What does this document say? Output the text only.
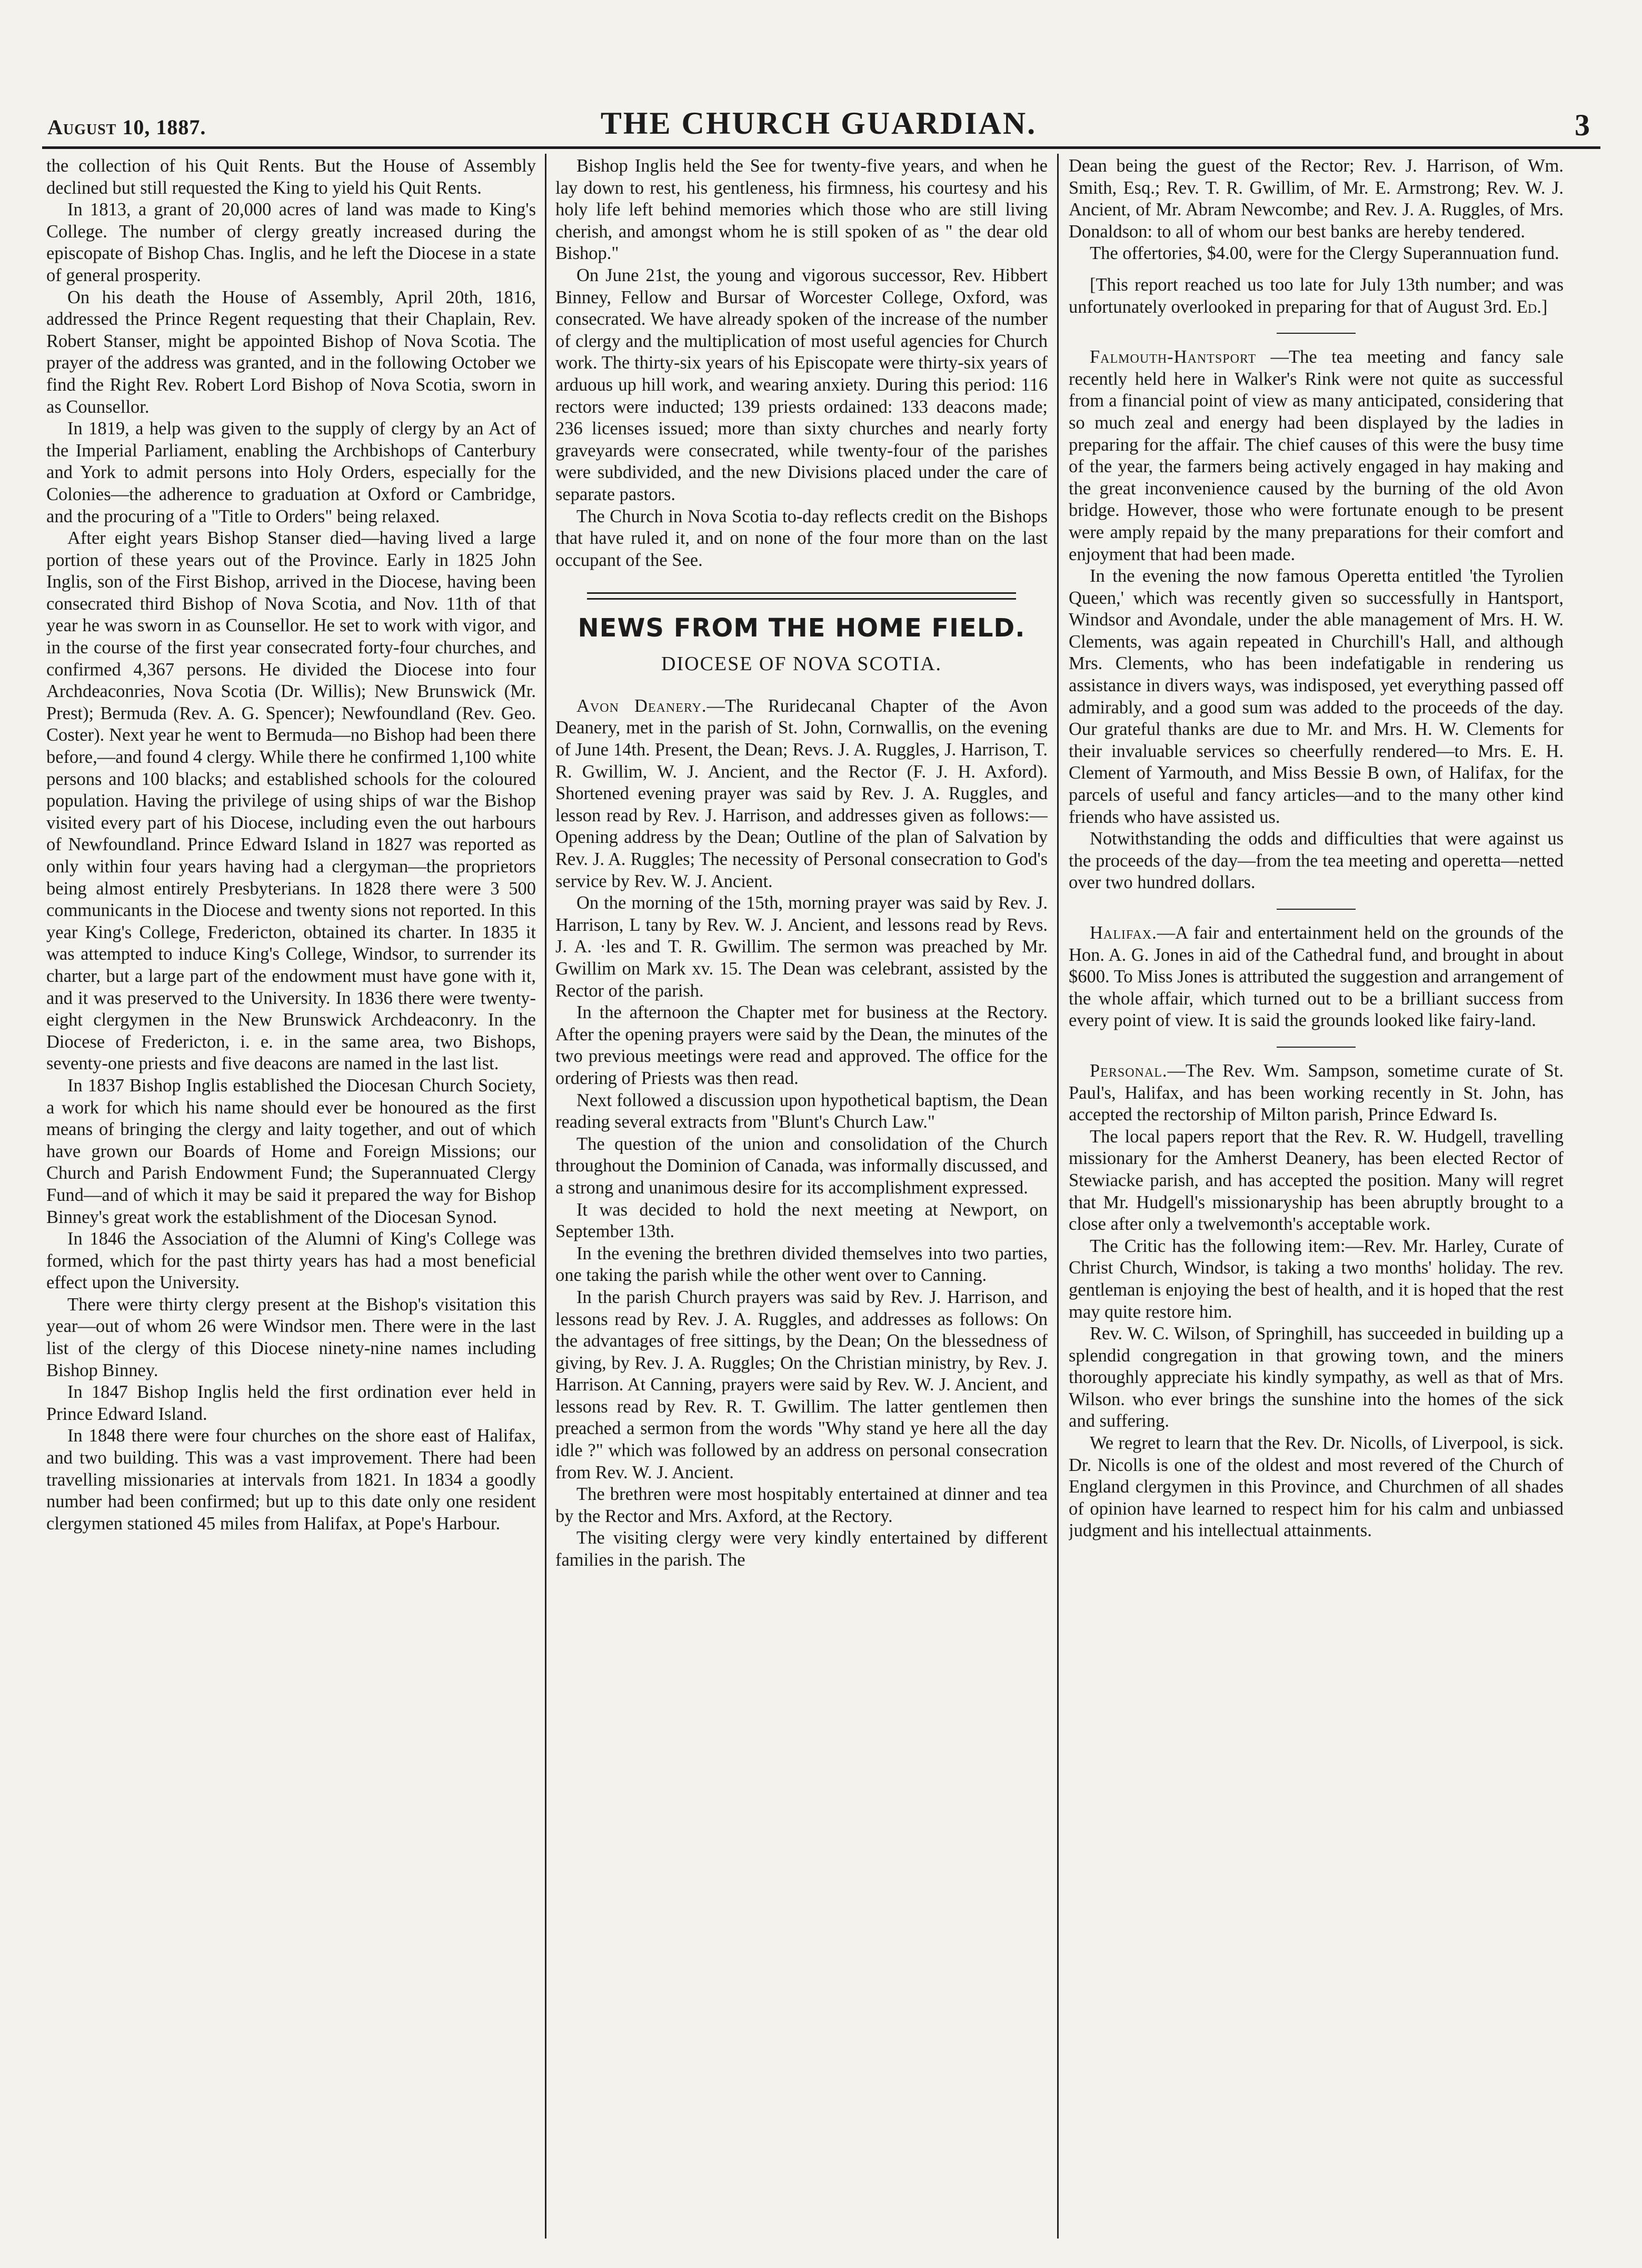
August 10, 1887.	THE CHURCH GUARDIAN.	3

the collection of his Quit Rents. But the House of Assembly declined but still requested the King to yield his Quit Rents.

In 1813, a grant of 20,000 acres of land was made to King's College. The number of clergy greatly increased during the episcopate of Bishop Chas. Inglis, and he left the Diocese in a state of general prosperity.

On his death the House of Assembly, April 20th, 1816, addressed the Prince Regent requesting that their Chaplain, Rev. Robert Stanser, might be appointed Bishop of Nova Scotia. The prayer of the address was granted, and in the following October we find the Right Rev. Robert Lord Bishop of Nova Scotia, sworn in as Counsellor.

In 1819, a help was given to the supply of clergy by an Act of the Imperial Parliament, enabling the Archbishops of Canterbury and York to admit persons into Holy Orders, especially for the Colonies—the adherence to graduation at Oxford or Cambridge, and the procuring of a "Title to Orders" being relaxed.

After eight years Bishop Stanser died—having lived a large portion of these years out of the Province. Early in 1825 John Inglis, son of the First Bishop, arrived in the Diocese, having been consecrated third Bishop of Nova Scotia, and Nov. 11th of that year he was sworn in as Counsellor. He set to work with vigor, and in the course of the first year consecrated forty-four churches, and confirmed 4,367 persons. He divided the Diocese into four Archdeaconries, Nova Scotia (Dr. Willis); New Brunswick (Mr. Prest); Bermuda (Rev. A. G. Spencer); Newfoundland (Rev. Geo. Coster). Next year he went to Bermuda—no Bishop had been there before,—and found 4 clergy. While there he confirmed 1,100 white persons and 100 blacks; and established schools for the coloured population. Having the privilege of using ships of war the Bishop visited every part of his Diocese, including even the out harbours of Newfoundland. Prince Edward Island in 1827 was reported as only within four years having had a clergyman—the proprietors being almost entirely Presbyterians. In 1828 there were 3 500 communicants in the Diocese and twenty sions not reported. In this year King's College, Fredericton, obtained its charter. In 1835 it was attempted to induce King's College, Windsor, to surrender its charter, but a large part of the endowment must have gone with it, and it was preserved to the University. In 1836 there were twenty-eight clergymen in the New Brunswick Archdeaconry. In the Diocese of Fredericton, i. e. in the same area, two Bishops, seventy-one priests and five deacons are named in the last list.

In 1837 Bishop Inglis established the Diocesan Church Society, a work for which his name should ever be honoured as the first means of bringing the clergy and laity together, and out of which have grown our Boards of Home and Foreign Missions; our Church and Parish Endowment Fund; the Superannuated Clergy Fund—and of which it may be said it prepared the way for Bishop Binney's great work the establishment of the Diocesan Synod.

In 1846 the Association of the Alumni of King's College was formed, which for the past thirty years has had a most beneficial effect upon the University.

There were thirty clergy present at the Bishop's visitation this year—out of whom 26 were Windsor men. There were in the last list of the clergy of this Diocese ninety-nine names including Bishop Binney.

In 1847 Bishop Inglis held the first ordination ever held in Prince Edward Island.

In 1848 there were four churches on the shore east of Halifax, and two building. This was a vast improvement. There had been travelling missionaries at intervals from 1821. In 1834 a goodly number had been confirmed; but up to this date only one resident clergymen stationed 45 miles from Halifax, at Pope's Harbour.

Bishop Inglis held the See for twenty-five years, and when he lay down to rest, his gentleness, his firmness, his courtesy and his holy life left behind memories which those who are still living cherish, and amongst whom he is still spoken of as " the dear old Bishop."

On June 21st, the young and vigorous successor, Rev. Hibbert Binney, Fellow and Bursar of Worcester College, Oxford, was consecrated. We have already spoken of the increase of the number of clergy and the multiplication of most useful agencies for Church work. The thirty-six years of his Episcopate were thirty-six years of arduous up hill work, and wearing anxiety. During this period: 116 rectors were inducted; 139 priests ordained: 133 deacons made; 236 licenses issued; more than sixty churches and nearly forty graveyards were consecrated, while twenty-four of the parishes were subdivided, and the new Divisions placed under the care of separate pastors.

The Church in Nova Scotia to-day reflects credit on the Bishops that have ruled it, and on none of the four more than on the last occupant of the See.

NEWS FROM THE HOME FIELD.
DIOCESE OF NOVA SCOTIA.

Avon Deanery.—The Ruridecanal Chapter of the Avon Deanery, met in the parish of St. John, Cornwallis, on the evening of June 14th. Present, the Dean; Revs. J. A. Ruggles, J. Harrison, T. R. Gwillim, W. J. Ancient, and the Rector (F. J. H. Axford). Shortened evening prayer was said by Rev. J. A. Ruggles, and lesson read by Rev. J. Harrison, and addresses given as follows:—Opening address by the Dean; Outline of the plan of Salvation by Rev. J. A. Ruggles; The necessity of Personal consecration to God's service by Rev. W. J. Ancient.

On the morning of the 15th, morning prayer was said by Rev. J. Harrison, L tany by Rev. W. J. Ancient, and lessons read by Revs. J. A. ·les and T. R. Gwillim. The sermon was preached by Mr. Gwillim on Mark xv. 15. The Dean was celebrant, assisted by the Rector of the parish.

In the afternoon the Chapter met for business at the Rectory. After the opening prayers were said by the Dean, the minutes of the two previous meetings were read and approved. The office for the ordering of Priests was then read.

Next followed a discussion upon hypothetical baptism, the Dean reading several extracts from "Blunt's Church Law."

The question of the union and consolidation of the Church throughout the Dominion of Canada, was informally discussed, and a strong and unanimous desire for its accomplishment expressed.

It was decided to hold the next meeting at Newport, on September 13th.

In the evening the brethren divided themselves into two parties, one taking the parish while the other went over to Canning.

In the parish Church prayers was said by Rev. J. Harrison, and lessons read by Rev. J. A. Ruggles, and addresses as follows: On the advantages of free sittings, by the Dean; On the blessedness of giving, by Rev. J. A. Ruggles; On the Christian ministry, by Rev. J. Harrison. At Canning, prayers were said by Rev. W. J. Ancient, and lessons read by Rev. R. T. Gwillim. The latter gentlemen then preached a sermon from the words "Why stand ye here all the day idle ?" which was followed by an address on personal consecration from Rev. W. J. Ancient.

The brethren were most hospitably entertained at dinner and tea by the Rector and Mrs. Axford, at the Rectory.

The visiting clergy were very kindly entertained by different families in the parish. The

Dean being the guest of the Rector; Rev. J. Harrison, of Wm. Smith, Esq.; Rev. T. R. Gwillim, of Mr. E. Armstrong; Rev. W. J. Ancient, of Mr. Abram Newcombe; and Rev. J. A. Ruggles, of Mrs. Donaldson: to all of whom our best banks are hereby tendered.

The offertories, $4.00, were for the Clergy Superannuation fund.

[This report reached us too late for July 13th number; and was unfortunately overlooked in preparing for that of August 3rd. Ed.]

Falmouth-Hantsport —The tea meeting and fancy sale recently held here in Walker's Rink were not quite as successful from a financial point of view as many anticipated, considering that so much zeal and energy had been displayed by the ladies in preparing for the affair. The chief causes of this were the busy time of the year, the farmers being actively engaged in hay making and the great inconvenience caused by the burning of the old Avon bridge. However, those who were fortunate enough to be present were amply repaid by the many preparations for their comfort and enjoyment that had been made.

In the evening the now famous Operetta entitled 'the Tyrolien Queen,' which was recently given so successfully in Hantsport, Windsor and Avondale, under the able management of Mrs. H. W. Clements, was again repeated in Churchill's Hall, and although Mrs. Clements, who has been indefatigable in rendering us assistance in divers ways, was indisposed, yet everything passed off admirably, and a good sum was added to the proceeds of the day. Our grateful thanks are due to Mr. and Mrs. H. W. Clements for their invaluable services so cheerfully rendered—to Mrs. E. H. Clement of Yarmouth, and Miss Bessie B own, of Halifax, for the parcels of useful and fancy articles—and to the many other kind friends who have assisted us.

Notwithstanding the odds and difficulties that were against us the proceeds of the day—from the tea meeting and operetta—netted over two hundred dollars.

Halifax.—A fair and entertainment held on the grounds of the Hon. A. G. Jones in aid of the Cathedral fund, and brought in about $600. To Miss Jones is attributed the suggestion and arrangement of the whole affair, which turned out to be a brilliant success from every point of view. It is said the grounds looked like fairy-land.

Personal.—The Rev. Wm. Sampson, sometime curate of St. Paul's, Halifax, and has been working recently in St. John, has accepted the rectorship of Milton parish, Prince Edward Is.

The local papers report that the Rev. R. W. Hudgell, travelling missionary for the Amherst Deanery, has been elected Rector of Stewiacke parish, and has accepted the position. Many will regret that Mr. Hudgell's missionaryship has been abruptly brought to a close after only a twelvemonth's acceptable work.

The Critic has the following item:—Rev. Mr. Harley, Curate of Christ Church, Windsor, is taking a two months' holiday. The rev. gentleman is enjoying the best of health, and it is hoped that the rest may quite restore him.

Rev. W. C. Wilson, of Springhill, has succeeded in building up a splendid congregation in that growing town, and the miners thoroughly appreciate his kindly sympathy, as well as that of Mrs. Wilson. who ever brings the sunshine into the homes of the sick and suffering.

We regret to learn that the Rev. Dr. Nicolls, of Liverpool, is sick. Dr. Nicolls is one of the oldest and most revered of the Church of England clergymen in this Province, and Churchmen of all shades of opinion have learned to respect him for his calm and unbiassed judgment and his intellectual attainments.
